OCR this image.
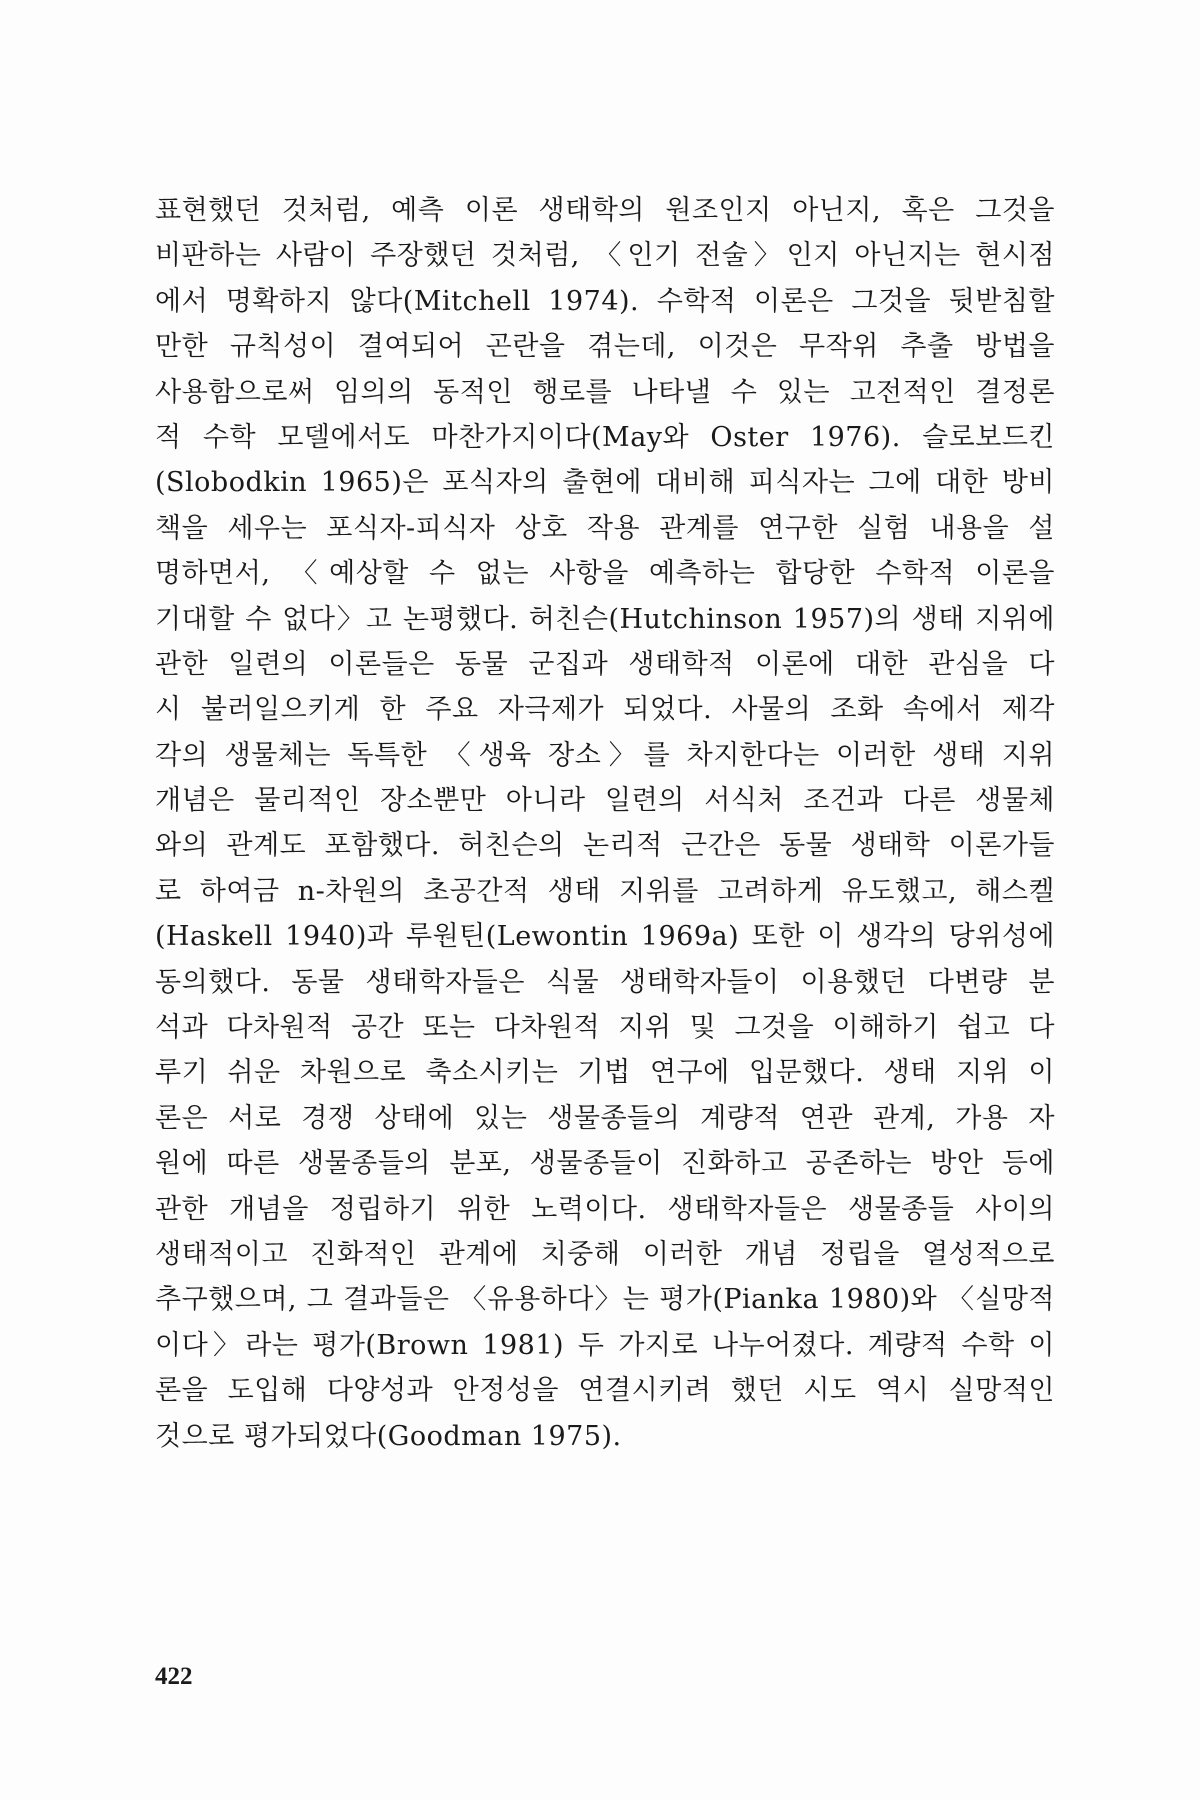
표현했던 것처럼, 예측 이론 생태학의 원조인지 아닌지, 혹은 그것을
비판하는 사람이 주장했던 것처럼, 〈인기 전술〉인지 아닌지는 현시점
에서 명확하지 않다(Mitchell 1974). 수학적 이론은 그것을 뒷받침할
만한 규칙성이 결여되어 곤란을 겪는데, 이것은 무작위 추출 방법을
사용함으로써 임의의 동적인 행로를 나타낼 수 있는 고전적인 결정론
적 수학 모델에서도 마찬가지이다(May와 Oster 1976). 슬로보드킨
(Slobodkin 1965)은 포식자의 출현에 대비해 피식자는 그에 대한 방비
책을 세우는 포식자-피식자 상호 작용 관계를 연구한 실험 내용을 설
명하면서, 〈예상할 수 없는 사항을 예측하는 합당한 수학적 이론을
기대할 수 없다〉고 논평했다. 허친슨(Hutchinson 1957)의 생태 지위에
관한 일련의 이론들은 동물 군집과 생태학적 이론에 대한 관심을 다
시 불러일으키게 한 주요 자극제가 되었다. 사물의 조화 속에서 제각
각의 생물체는 독특한 〈생육 장소〉를 차지한다는 이러한 생태 지위
개념은 물리적인 장소뿐만 아니라 일련의 서식처 조건과 다른 생물체
와의 관계도 포함했다. 허친슨의 논리적 근간은 동물 생태학 이론가들
로 하여금 n-차원의 초공간적 생태 지위를 고려하게 유도했고, 해스켈
(Haskell 1940)과 루원틴(Lewontin 1969a) 또한 이 생각의 당위성에
동의했다. 동물 생태학자들은 식물 생태학자들이 이용했던 다변량 분
석과 다차원적 공간 또는 다차원적 지위 및 그것을 이해하기 쉽고 다
루기 쉬운 차원으로 축소시키는 기법 연구에 입문했다. 생태 지위 이
론은 서로 경쟁 상태에 있는 생물종들의 계량적 연관 관계, 가용 자
원에 따른 생물종들의 분포, 생물종들이 진화하고 공존하는 방안 등에
관한 개념을 정립하기 위한 노력이다. 생태학자들은 생물종들 사이의
생태적이고 진화적인 관계에 치중해 이러한 개념 정립을 열성적으로
추구했으며, 그 결과들은 〈유용하다〉는 평가(Pianka 1980)와 〈실망적
이다〉라는 평가(Brown 1981) 두 가지로 나누어졌다. 계량적 수학 이
론을 도입해 다양성과 안정성을 연결시키려 했던 시도 역시 실망적인
것으로 평가되었다(Goodman 1975).
422
